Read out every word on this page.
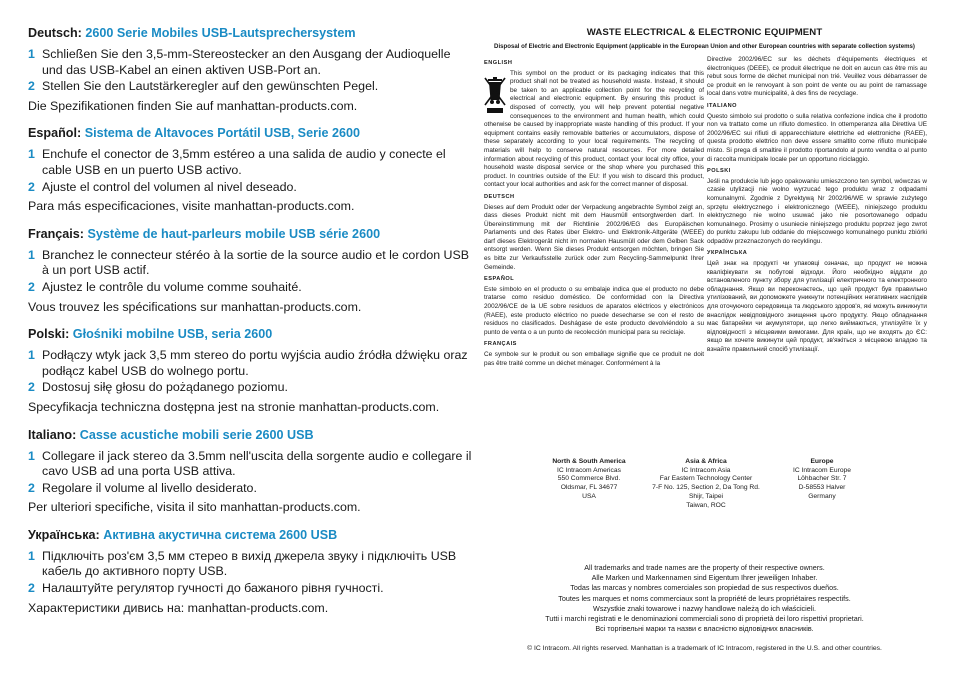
Deutsch: 2600 Serie Mobiles USB-Lautsprechersystem
1 Schließen Sie den 3,5-mm-Stereostecker an den Ausgang der Audioquelle und das USB-Kabel an einen aktiven USB-Port an.
2 Stellen Sie den Lautstärkeregler auf den gewünschten Pegel.
Die Spezifikationen finden Sie auf manhattan-products.com.
Español: Sistema de Altavoces Portátil USB, Serie 2600
1 Enchufe el conector de 3,5mm estéreo a una salida de audio y conecte el cable USB en un puerto USB activo.
2 Ajuste el control del volumen al nivel deseado.
Para más especificaciones, visite manhattan-products.com.
Français: Système de haut-parleurs mobile USB série 2600
1 Branchez le connecteur stéréo à la sortie de la source audio et le cordon USB à un port USB actif.
2 Ajustez le contrôle du volume comme souhaité.
Vous trouvez les spécifications sur manhattan-products.com.
Polski: Głośniki mobilne USB, seria 2600
1 Podłączy wtyk jack 3,5 mm stereo do portu wyjścia audio źródła dźwięku oraz podłącz kabel USB do wolnego portu.
2 Dostosuj siłę głosu do pożądanego poziomu.
Specyfikacja techniczna dostępna jest na stronie manhattan-products.com.
Italiano: Casse acustiche mobili serie 2600 USB
1 Collegare il jack stereo da 3.5mm nell'uscita della sorgente audio e collegare il cavo USB ad una porta USB attiva.
2 Regolare il volume al livello desiderato.
Per ulteriori specifiche, visita il sito manhattan-products.com.
Українська: Активна акустична система 2600 USB
1 Підключіть роз'єм 3,5 мм стерео в вихід джерела звуку і підключіть USB кабель до активного порту USB.
2 Налаштуйте регулятор гучності до бажаного рівня гучності.
Характеристики дивись на: manhattan-products.com.
WASTE ELECTRICAL & ELECTRONIC EQUIPMENT
Disposal of Electric and Electronic Equipment (applicable in the European Union and other European countries with separate collection systems)
ENGLISH

This symbol on the product or its packaging indicates that this product shall not be treated as household waste. Instead, it should be taken to an applicable collection point for the recycling of electrical and electronic equipment. By ensuring this product is disposed of correctly, you will help prevent potential negative consequences to the environment and human health, which could otherwise be caused by inappropriate waste handling of this product. If your equipment contains easily removable batteries or accumulators, dispose of these separately according to your local requirements. The recycling of materials will help to conserve natural resources. For more detailed information about recycling of this product, contact your local city office, your household waste disposal service or the shop where you purchased this product. In countries outside of the EU: If you wish to discard this product, contact your local authorities and ask for the correct manner of disposal.

DEUTSCH

Dieses auf dem Produkt oder der Verpackung angebrachte Symbol zeigt an, dass dieses Produkt nicht mit dem Hausmüll entsorgtwerden darf. In Übereinstimmung mit der Richtlinie 2002/96/EG des Europäischen Parlaments und des Rates über Elektro- und Elektronik-Altgeräte (WEEE) darf dieses Elektrogerät nicht im normalen Hausmüll oder dem Gelben Sack entsorgt werden. Wenn Sie dieses Produkt entsorgen möchten, bringen Sie es bitte zur Verkaufsstelle zurück oder zum Recycling-Sammelpunkt Ihrer Gemeinde.

ESPAÑOL

Este símbolo en el producto o su embalaje indica que el producto no debe tratarse como residuo doméstico. De conformidad con la Directiva 2002/96/CE de la UE sobre residuos de aparatos eléctricos y electrónicos (RAEE), este producto eléctrico no puede desecharse se con el resto de residuos no clasificados. Deshágase de este producto devolviéndolo a su punto de venta o a un punto de recolección municipal para su reciclaje.

FRANÇAIS

Ce symbole sur le produit ou son emballage signifie que ce produit ne doit pas être traité comme un déchet ménager. Conformément à la

Directive 2002/96/EC sur les déchets d'équipements électriques et électroniques (DEEE), ce produit électrique ne doit en aucun cas être mis au rebut sous forme de déchet municipal non trié. Veuillez vous débarrasser de ce produit en le renvoyant à son point de vente ou au point de ramassage local dans votre municipalité, à des fins de recyclage.

ITALIANO

Questo simbolo sui prodotto o sulla relativa confezione indica che il prodotto non va trattato come un rifiuto domestico. In ottemperanza alla Direttiva UE 2002/96/EC sui rifiuti di apparecchiature elettriche ed elettroniche (RAEE), questa prodotto elettrico non deve essere smaltito come rifiuto municipale misto. Si prega di smaltire il prodotto riportandolo al punto vendita o al punto di raccolta municipale locale per un opportuno riciclaggio.

POLSKI

Jeśli na produkcie lub jego opakowaniu umieszczono ten symbol, wówczas w czasie utylizacji nie wolno wyrzucać tego produktu wraz z odpadami komunalnymi. Zgodnie z Dyrektywą Nr 2002/96/WE w sprawie zużytego sprzętu elektrycznego i elektronicznego (WEEE), niniejszego produktu elektrycznego nie wolno usuwać jako nie posortowanego odpadu komunalnego. Prosimy o usuniecie niniejszego produktu poprzez jego zwrot do punktu zakupu lub oddanie do miejscowego komunalnego punktu zbiórki odpadów przeznaczonych do recyklingu.

УКРАЇНСЬКА

Цей знак на продукті чи упаковці означає, що продукт не можна кваліфікувати як побутові відходи. Його необхідно віддати до встановленого пункту збору для утилізації електричного та електронного обладнання. Якщо ви переконаєтесь, що цей продукт був правильно утилізований, ви допоможете уникнути потенційних негативних наслідків для оточуючого середовища та людського здоров'я, які можуть виникнути внаслідок невідповідного знищення цього продукту. Якщо обладнання має батарейки чи акумулятори, що легко виймаються, утилізуйте їх у відповідності з місцевими вимогами. Для країн, що не входять до ЄС: якщо ви хочете викинути цей продукт, зв'яжіться з місцевою владою та взнайте правильний спосіб утилізації.

North & South America
IC Intracom Americas
550 Commerce Blvd.
Oldsmar, FL 34677
USA
Asia & Africa
IC Intracom Asia
Far Eastern Technology Center
7-F No. 125, Section 2, Da Tong Rd.
Shijr, Taipei
Taiwan, ROC
Europe
IC Intracom Europe
Löhbacher Str. 7
D-58553 Halver
Germany
All trademarks and trade names are the property of their respective owners.
Alle Marken und Markennamen sind Eigentum Ihrer jeweiligen Inhaber.
Todas las marcas y nombres comerciales son propiedad de sus respectivos dueños.
Toutes les marques et noms commerciaux sont la propriété de leurs propriétaires respectifs.
Wszystkie znaki towarowe i nazwy handlowe należą do ich właścicieli.
Tutti i marchi registrati e le denominazioni commerciali sono di proprietà dei loro rispettivi proprietari.
Всі торгівельні марки та назви є власністю відповідних власників.
© IC Intracom. All rights reserved. Manhattan is a trademark of IC Intracom, registered in the U.S. and other countries.
